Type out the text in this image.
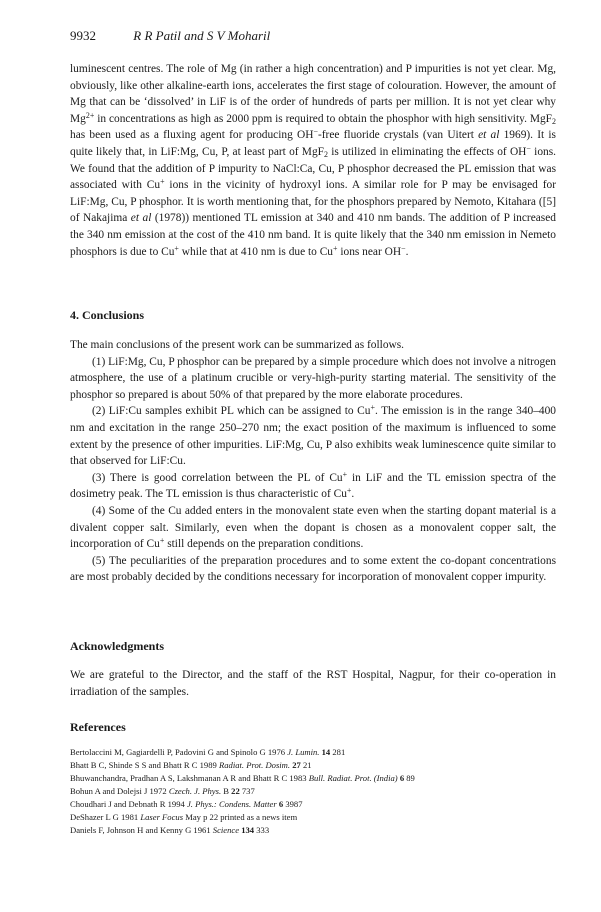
9932	R R Patil and S V Moharil

luminescent centres. The role of Mg (in rather a high concentration) and P impurities is not yet clear. Mg, obviously, like other alkaline-earth ions, accelerates the first stage of colouration. However, the amount of Mg that can be ‘dissolved’ in LiF is of the order of hundreds of parts per million. It is not yet clear why $Mg^{2+}$ in concentrations as high as 2000 ppm is required to obtain the phosphor with high sensitivity. MgF$_2$ has been used as a fluxing agent for producing OH−-free fluoride crystals (van Uitert et al 1969). It is quite likely that, in LiF:Mg, Cu, P, at least part of MgF$_2$ is utilized in eliminating the effects of OH− ions. We found that the addition of P impurity to NaCl:Ca, Cu, P phosphor decreased the PL emission that was associated with Cu+ ions in the vicinity of hydroxyl ions. A similar role for P may be envisaged for LiF:Mg, Cu, P phosphor. It is worth mentioning that, for the phosphors prepared by Nemoto, Kitahara ([5] of Nakajima et al (1978)) mentioned TL emission at 340 and 410 nm bands. The addition of P increased the 340 nm emission at the cost of the 410 nm band. It is quite likely that the 340 nm emission in Nemeto phosphors is due to Cu+ while that at 410 nm is due to Cu+ ions near OH−.

4. Conclusions

The main conclusions of the present work can be summarized as follows.

(1) LiF:Mg, Cu, P phosphor can be prepared by a simple procedure which does not involve a nitrogen atmosphere, the use of a platinum crucible or very-high-purity starting material. The sensitivity of the phosphor so prepared is about 50% of that prepared by the more elaborate procedures.

(2) LiF:Cu samples exhibit PL which can be assigned to Cu+. The emission is in the range 340–400 nm and excitation in the range 250–270 nm; the exact position of the maximum is influenced to some extent by the presence of other impurities. LiF:Mg, Cu, P also exhibits weak luminescence quite similar to that observed for LiF:Cu.

(3) There is good correlation between the PL of Cu+ in LiF and the TL emission spectra of the dosimetry peak. The TL emission is thus characteristic of Cu+.

(4) Some of the Cu added enters in the monovalent state even when the starting dopant material is a divalent copper salt. Similarly, even when the dopant is chosen as a monovalent copper salt, the incorporation of Cu+ still depends on the preparation conditions.

(5) The peculiarities of the preparation procedures and to some extent the co-dopant concentrations are most probably decided by the conditions necessary for incorporation of monovalent copper impurity.

Acknowledgments

We are grateful to the Director, and the staff of the RST Hospital, Nagpur, for their co-operation in irradiation of the samples.

References
Bertolaccini M, Gagiardelli P, Padovini G and Spinolo G 1976 J. Lumin. 14 281
Bhatt B C, Shinde S S and Bhatt R C 1989 Radiat. Prot. Dosim. 27 21
Bhuwanchandra, Pradhan A S, Lakshmanan A R and Bhatt R C 1983 Bull. Radiat. Prot. (India) 6 89
Bohun A and Dolejsi J 1972 Czech. J. Phys. B 22 737
Choudhari J and Debnath R 1994 J. Phys.: Condens. Matter 6 3987
DeShazer L G 1981 Laser Focus May p 22 printed as a news item
Daniels F, Johnson H and Kenny G 1961 Science 134 333
